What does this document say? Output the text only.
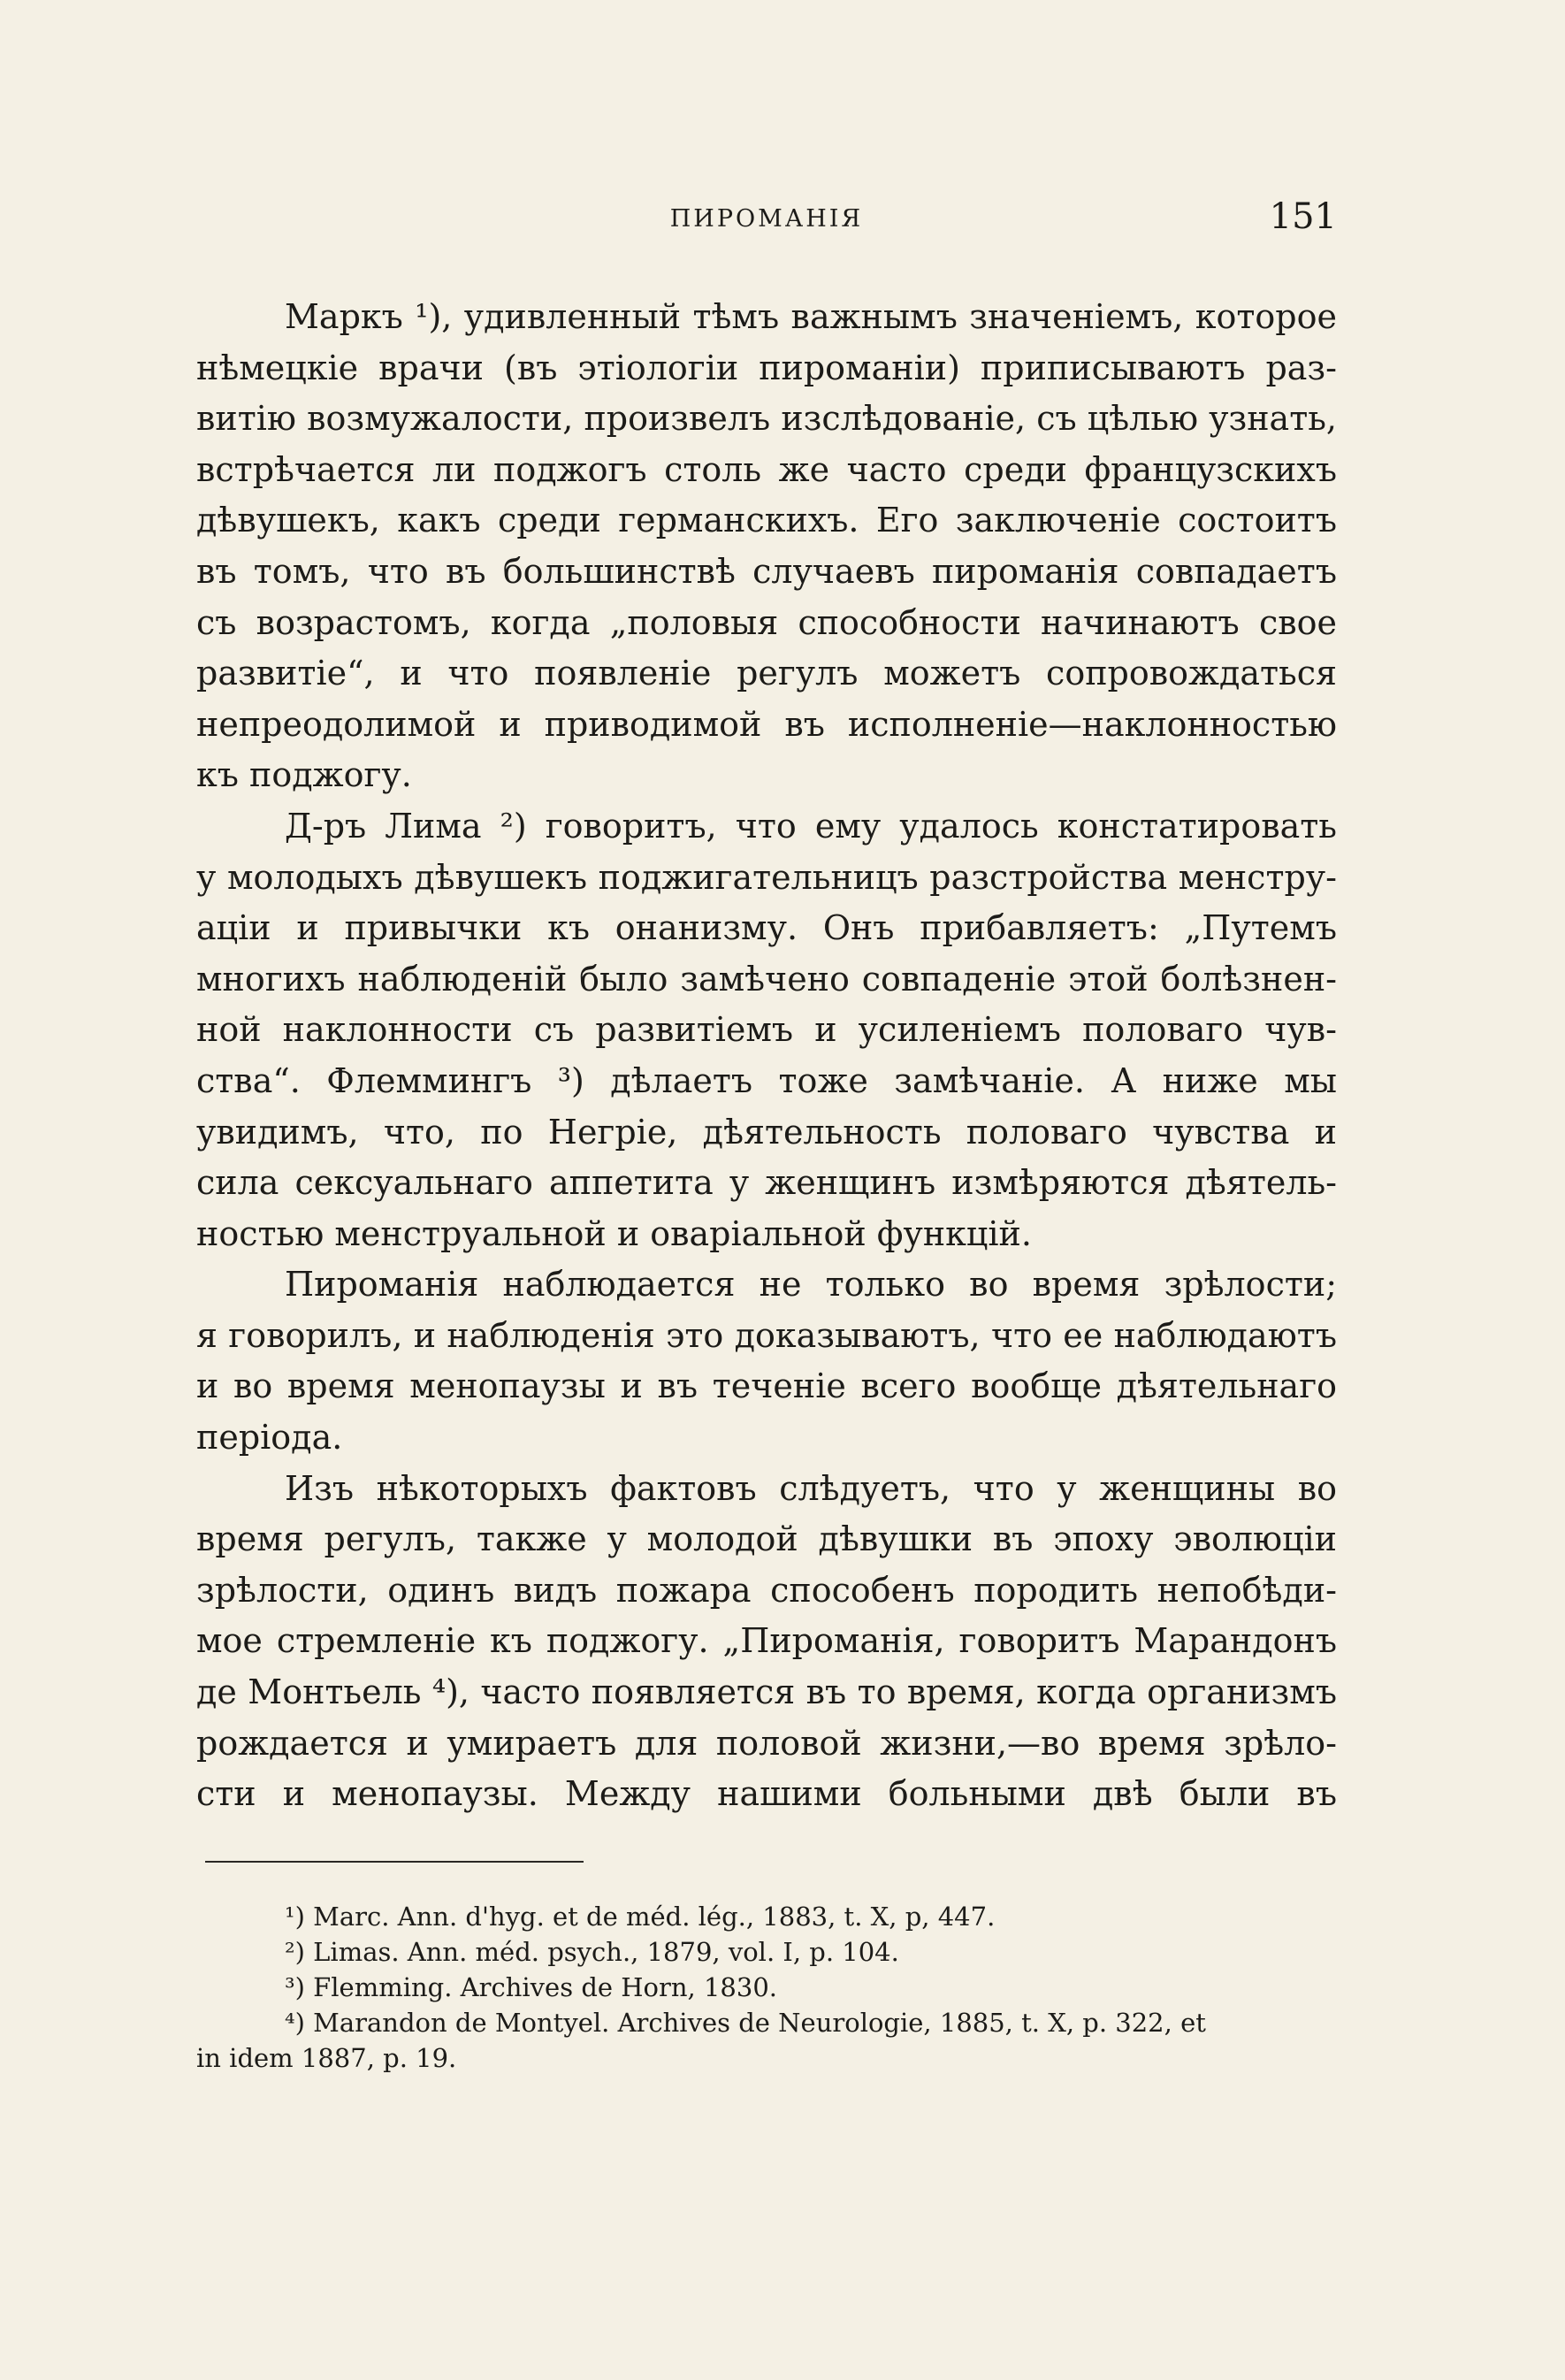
ПИРОМАНІЯ	151
Маркъ ¹), удивленный тѣмъ важнымъ значеніемъ, которое
нѣмецкіе врачи (въ этіологіи пироманіи) приписываютъ раз-
витію возмужалости, произвелъ изслѣдованіе, съ цѣлью узнать,
встрѣчается ли поджогъ столь же часто среди французскихъ
дѣвушекъ, какъ среди германскихъ. Его заключеніе состоитъ
въ томъ, что въ большинствѣ случаевъ пироманія совпадаетъ
съ возрастомъ, когда „половыя способности начинаютъ свое
развитіе“, и что появленіе регулъ можетъ сопровождаться
непреодолимой и приводимой въ исполненіе—наклонностью
къ поджогу.
Д-ръ Лима ²) говоритъ, что ему удалось констатировать
у молодыхъ дѣвушекъ поджигательницъ разстройства менстру-
аціи и привычки къ онанизму. Онъ прибавляетъ: „Путемъ
многихъ наблюденій было замѣчено совпаденіе этой болѣзнен-
ной наклонности съ развитіемъ и усиленіемъ половаго чув-
ства“. Флеммингъ ³) дѣлаетъ тоже замѣчаніе. А ниже мы
увидимъ, что, по Негріе, дѣятельность половаго чувства и
сила сексуальнаго аппетита у женщинъ измѣряются дѣятель-
ностью менструальной и оваріальной функцій.
Пироманія наблюдается не только во время зрѣлости;
я говорилъ, и наблюденія это доказываютъ, что ее наблюдаютъ
и во время менопаузы и въ теченіе всего вообще дѣятельнаго
періода.
Изъ нѣкоторыхъ фактовъ слѣдуетъ, что у женщины во
время регулъ, также у молодой дѣвушки въ эпоху эволюціи
зрѣлости, одинъ видъ пожара способенъ породить непобѣди-
мое стремленіе къ поджогу. „Пироманія, говоритъ Марандонъ
де Монтьель ⁴), часто появляется въ то время, когда организмъ
рождается и умираетъ для половой жизни,—во время зрѣло-
сти и менопаузы. Между нашими больными двѣ были въ
¹) Marc. Ann. d'hyg. et de méd. lég., 1883, t. X, p, 447.
²) Limas. Ann. méd. psych., 1879, vol. I, p. 104.
³) Flemming. Archives de Horn, 1830.
⁴) Marandon de Montyel. Archives de Neurologie, 1885, t. X, p. 322, et
in idem 1887, p. 19.
